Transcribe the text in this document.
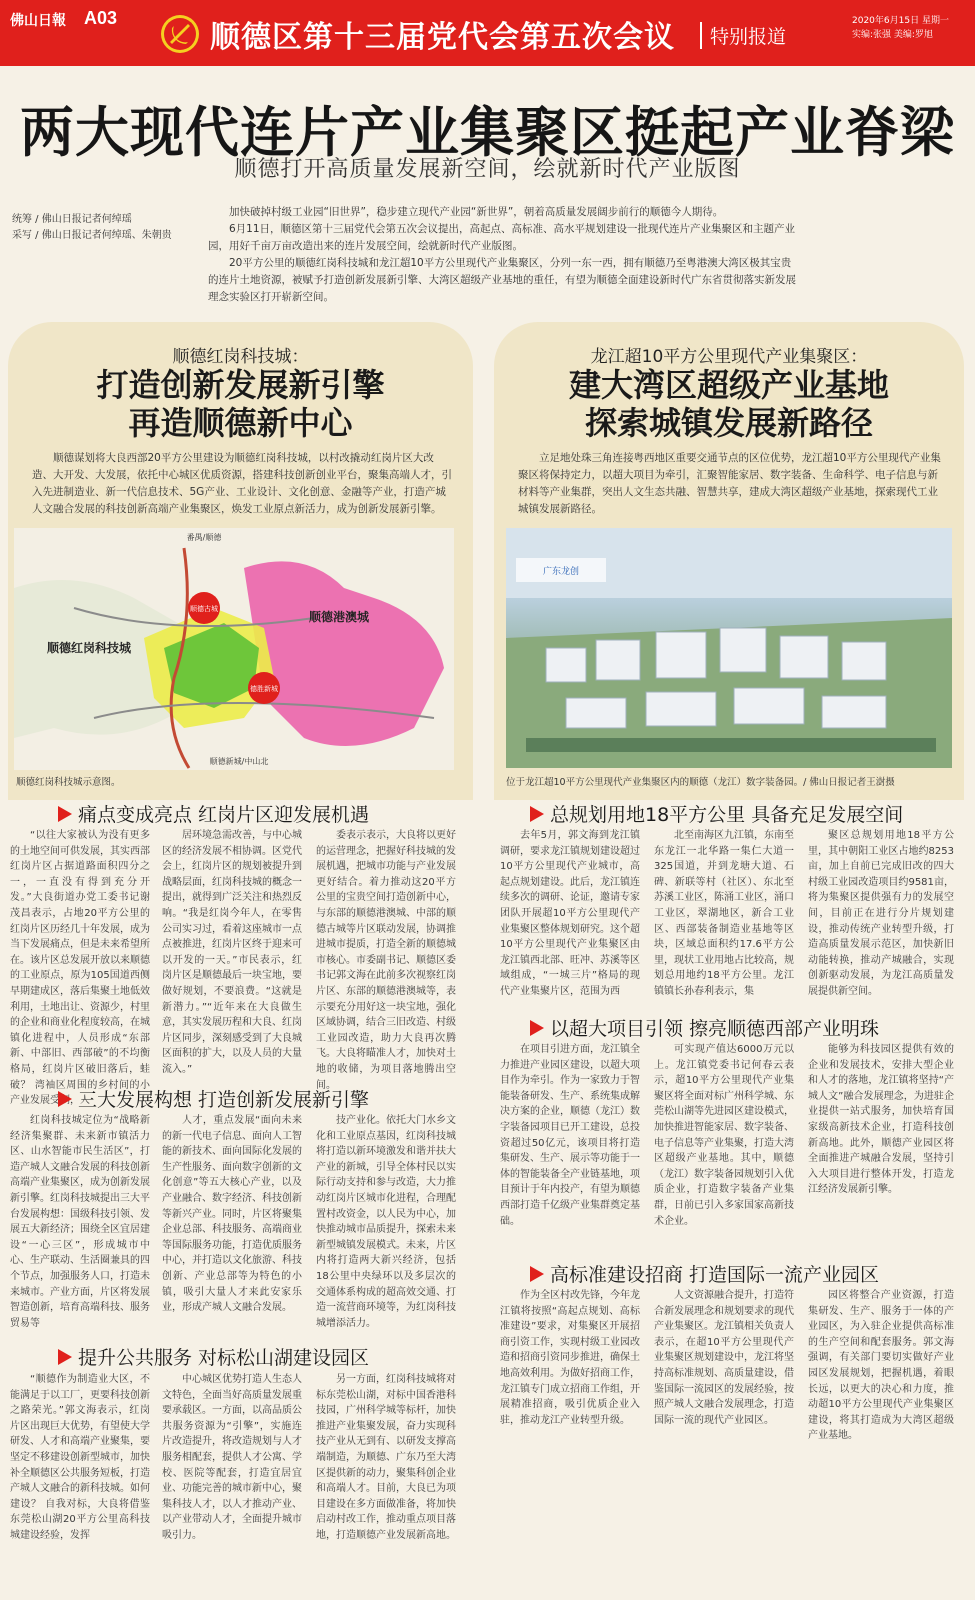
佛山日報 A03
顺德区第十三届党代会第五次会议	特别报道
2020年6月15日 星期一
实编:张强 美编:罗旭
两大现代连片产业集聚区挺起产业脊梁
顺德打开高质量发展新空间，绘就新时代产业版图
统筹 / 佛山日报记者何绰瑶
采写 / 佛山日报记者何绰瑶、朱朝贵

加快破掉村级工业园“旧世界”，稳步建立现代产业园“新世界”，朝着高质量发展阔步前行的顺德今人期待。

6月11日，顺德区第十三届党代会第五次会议提出，高起点、高标准、高水平规划建设一批现代连片产业集聚区和主题产业园，用好千亩万亩改造出来的连片发展空间，绘就新时代产业版图。

20平方公里的顺德红岗科技城和龙江超10平方公里现代产业集聚区，分列一东一西，拥有顺德乃至粤港澳大湾区极其宝贵的连片土地资源，被赋予打造创新发展新引擎、大湾区超级产业基地的重任，有望为顺德全面建设新时代广东省贯彻落实新发展理念实验区打开崭新空间。

顺德红岗科技城：
打造创新发展新引擎
再造顺德新中心
顺德谋划将大良西部20平方公里建设为顺德红岗科技城，以村改撬动红岗片区大改造、大开发、大发展，依托中心城区优质资源，搭建科技创新创业平台，聚集高端人才，引入先进制造业、新一代信息技术、5G产业、工业设计、文化创意、金融等产业，打造产城人文融合发展的科技创新高端产业集聚区，焕发工业原点新活力，成为创新发展新引擎。
番禺/顺德
顺德古城
顺德港澳城
顺德红岗科技城
德胜新城
顺德新城/中山北
顺德红岗科技城示意图。
龙江超10平方公里现代产业集聚区：
建大湾区超级产业基地
探索城镇发展新路径
立足地处珠三角连接粤西地区重要交通节点的区位优势，龙江超10平方公里现代产业集聚区将保持定力，以超大项目为牵引，汇聚智能家居、数字装备、生命科学、电子信息与新材料等产业集群，突出人文生态共融、智慧共享，建成大湾区超级产业基地，探索现代工业城镇发展新路径。
广东龙创
位于龙江超10平方公里现代产业集聚区内的顺德（龙江）数字装备园。/ 佛山日报记者王澍摄
痛点变成亮点 红岗片区迎发展机遇

“以往大家被认为没有更多的土地空间可供发展，其实西部红岗片区占据道路面积四分之一，一直没有得到充分开发。”大良街道办党工委书记谢茂昌表示，占地20平方公里的红岗片区历经几十年发展，成为当下发展痛点，但是未来希望所在。该片区总发展开放以来顺德的工业原点，原为105国道西侧早期建成区，落后集聚土地低效利用，土地出让、资源少，村里的企业和商业化程度较高，在城镇化进程中，人员形成“东部新、中部旧、西部破”的不均衡格局，红岗片区破旧落后，蛙破？ 湾袖区周围的乡村间的小产业发展受制，人

居环境急需改善，与中心城区的经济发展不相协调。区党代会上，红岗片区的规划被提升到战略层面，红岗科技城的概念一提出，就得到广泛关注和热烈反响。“我是红岗今年人，在零售公司实习过，看着这座城市一点点被推进，红岗片区终于迎来可以开发的一天。”市民表示，红岗片区是顺德最后一块宝地，要做好规划，不要浪费。“这就是新潜力。”“近年来在大良做生意，其实发展历程和大良、红岗片区同步，深刻感受到了大良城区面积的扩大，以及人员的大量流入。”

委表示表示，大良将以更好的运营理念，把握好科技城的发展机遇，把城市功能与产业发展更好结合。着力推动这20平方公里的宝贵空间打造创新中心，与东部的顺德港澳城、中部的顺德古城等片区联动发展，协调推进城市提质，打造全新的顺德城市核心。市委副书记、顺德区委书记郭文海在此前多次视察红岗片区、东部的顺德港澳城等，表示要充分用好这一块宝地，强化区域协调，结合三旧改造、村级工业园改造，助力大良再次腾飞。大良将瞄准人才，加快对土地的收储，为项目落地腾出空间。

三大发展构想 打造创新发展新引擎

红岗科技城定位为“战略新经济集聚群、未来新市镇活力区、山水智能市民生活区”，打造产城人文融合发展的科技创新高端产业集聚区，成为创新发展新引擎。红岗科技城提出三大平台发展构想：国级科技引领、发展五大新经济；围绕全区宜居建设“一心三区”，形成城市中心、生产联动、生活圈兼具的四个节点，加强服务人口，打造未来城市。产业方面，片区将发展智造创新，培育高端科技、服务贸易等

人才，重点发展“面向未来的新一代电子信息、面向人工智能的新技术、面向国际化发展的生产性服务、面向数字创新的文化创意”等五大核心产业，以及产业融合、数字经济、科技创新等新兴产业。同时，片区将聚集企业总部、科技服务、高端商业等国际服务功能，打造优质服务中心，并打造以文化旅游、科技创新、产业总部等为特色的小镇，吸引大量人才来此安家乐业，形成产城人文融合发展。

技产业化。依托大门水乡文化和工业原点基因，红岗科技城将打造以新环境激发和谐并扶大产业的新城，引导全体村民以实际行动支持和参与改造，大力推动红岗片区城市化进程，合理配置村改资金，以人民为中心，加快推动城市品质提升，探索未来新型城镇发展模式。未来，片区内将打造两大新兴经济，包括18公里中央绿环以及多层次的交通体系构成的超高效交通、打造一流营商环境等，为红岗科技城增添活力。

提升公共服务 对标松山湖建设园区

“顺德作为制造业大区，不能满足于以工厂，更要科技创新之路荣光。”郭文海表示，红岗片区出现巨大优势，有望使大学研发、人才和高端产业聚集，要坚定不移建设创新型城市，加快补全顺德区公共服务短板，打造产城人文融合的新科技城。如何建设？ 自我对标，大良将借鉴东莞松山湖20平方公里高科技城建设经验，发挥

中心城区优势打造人生态人文特色，全面当好高质量发展重要承载区。一方面，以高品质公共服务资源为“引擎”，实施连片改造提升，将改造规划与人才服务相配套，提供人才公寓、学校、医院等配套，打造宜居宜业、功能完善的城市新中心，聚集科技人才，以人才推动产业、以产业带动人才，全面提升城市吸引力。

另一方面，红岗科技城将对标东莞松山湖，对标中国香港科技园，广州科学城等标杆，加快推进产业集聚发展，奋力实现科技产业从无到有、以研发支撑高端制造，为顺德、广东乃至大湾区提供新的动力，聚集科创企业和高端人才。目前，大良已为项目建设在多方面做准备，将加快启动村改工作，推动重点项目落地，打造顺德产业发展新高地。

总规划用地18平方公里 具备充足发展空间

去年5月，郭文海到龙江镇调研，要求龙江镇规划建设超过10平方公里现代产业城市，高起点规划建设。此后，龙江镇连续多次的调研、论证，邀请专家团队开展超10平方公里现代产业集聚区整体规划研究。这个超10平方公里现代产业集聚区由龙江镇西北部、旺冲、苏溪等区域组成，“一城三片”格局的现代产业集聚片区，范围为西

北至南海区九江镇，东南至东龙江一北华路一集仁大道一325国道，并到龙塘大道、石碑、新联等村（社区）、东北至苏溪工业区，陈涌工业区，涌口工业区，翠湖地区，新合工业区、西部装备制造业基地等区块，区域总面积约17.6平方公里，现状工业用地占比较高，规划总用地约18平方公里。龙江镇镇长孙春利表示，集

聚区总规划用地18平方公里，其中朝阳工业区占地约8253亩，加上自前已完成旧改的四大村级工业园改造项目约9581亩，将为集聚区提供强有力的发展空间，目前正在进行分片规划建设，推动传统产业转型升级，打造高质量发展示范区，加快新旧动能转换，推动产城融合，实现创新驱动发展，为龙江高质量发展提供新空间。

以超大项目引领 擦亮顺德西部产业明珠

在项目引进方面，龙江镇全力推进产业园区建设，以超大项目作为牵引。作为一家致力于智能装备研发、生产、系统集成解决方案的企业，顺德（龙江）数字装备园项目已开工建设，总投资超过50亿元，该项目将打造集研发、生产、展示等功能于一体的智能装备全产业链基地，项目预计于年内投产，有望为顺德西部打造千亿级产业集群奠定基础。

可实现产值达6000万元以上。龙江镇党委书记何春云表示，超10平方公里现代产业集聚区将全面对标广州科学城、东莞松山湖等先进园区建设模式，加快推进智能家居、数字装备、电子信息等产业集聚，打造大湾区超级产业基地。其中，顺德（龙江）数字装备园规划引入优质企业，打造数字装备产业集群，日前已引入多家国家高新技术企业。

能够为科技园区提供有效的企业和发展技术，安排大型企业和人才的落地，龙江镇将坚持“产城人文”融合发展理念，为进驻企业提供一站式服务，加快培育国家级高新技术企业，打造科技创新高地。此外，顺德产业园区将全面推进产城融合发展，坚持引入大项目进行整体开发，打造龙江经济发展新引擎。

高标准建设招商 打造国际一流产业园区

作为全区村改先锋，今年龙江镇将按照“高起点规划、高标准建设”要求，对集聚区开展招商引资工作，实现村级工业园改造和招商引资同步推进，确保土地高效利用。为做好招商工作，龙江镇专门成立招商工作组，开展精准招商，吸引优质企业入驻，推动龙江产业转型升级。

人文资源融合提升，打造符合新发展理念和规划要求的现代产业集聚区。龙江镇相关负责人表示，在超10平方公里现代产业集聚区规划建设中，龙江将坚持高标准规划、高质量建设，借鉴国际一流园区的发展经验，按照产城人文融合发展理念，打造国际一流的现代产业园区。

园区将整合产业资源，打造集研发、生产、服务于一体的产业园区，为入驻企业提供高标准的生产空间和配套服务。郭文海强调，有关部门要切实做好产业园区发展规划，把握机遇，着眼长远，以更大的决心和力度，推动超10平方公里现代产业集聚区建设，将其打造成为大湾区超级产业基地。
